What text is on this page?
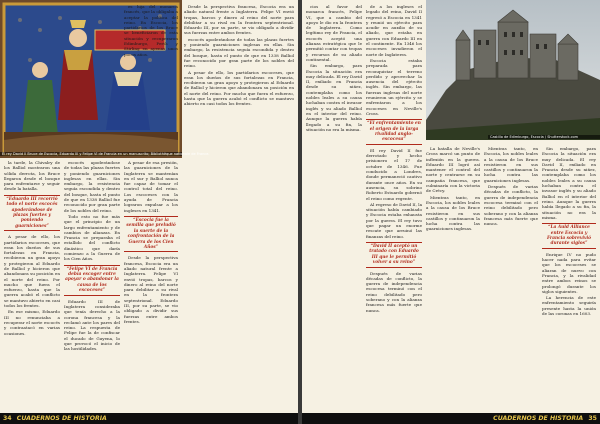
El rey David II Bruce de Escocia, Eduardo III y Felipe VI de Francia en un manuscrito; Bibliothèque nationale de France.

la tarde, la Chivalry de los Balliol mostraron una sólida derrota, los Bruce llegaron desde el bosque para enfrentarse y seguir desde la batalla.

“Eduardo III recorrió todo el norte escocés apoderándose de plazas fuertes y poniendo guarniciones”

A pesar de ello, los partidarios escoceses, que eran los dueños de sus fortalezas en Francia, recibieron un gran apoyo y protegieron al Eduardo de Balliol y hicieron que abandonara su posición en el norte del reino. Por mucho que fuera el esfuerzo, hasta que la guerra acabó el conflicto se mantuvo abierto en casi todos los frentes.

En ese mismo, Eduardo III no renunciaba a recuperar el norte escocés y contraatacó en varias ocasiones.

escocés apoderándose de todas las plazas fuertes y poniendo guarniciones inglesas en ellas. Sin embargo, la resistencia seguía escondida y dentro del bosque, hasta el punto de que en 1338 Balliol fue reconocido por gran parte de los nobles del reino.

Todo esto no fue más que el principio de un largo enfrentamiento y de cambios de alianzas. En Francia se preparaba el estallido del conflicto dinástico que daría comienzo a la Guerra de los Cien Años.

“Felipe VI de Francia debía escoger entre apoyar o abandonar la causa de los escoceses”

Eduardo III de Inglaterra consideraba que tenía derecho a la corona francesa y la reclamó ante los pares del reino. La respuesta de Felipe fue la de confiscar el ducado de Guyena, lo que provocó el inicio de las hostilidades.

es hija del monarca francés, que la obligaba a aceptar la política del reino. En Escocia, los partidarios de los Bruce se beneficiaron de esta situación y recuperaron Edimburgo, Perth y Stirling en apenas unos pocos años.

A pesar de esa presión, las guarniciones de la Inglaterra se mantenían en el sur y Balliol nunca fue capaz de tomar el control total del reino. Los escoceses con la ayuda de Francia lograron expulsar a los ingleses en 1341.

“Escocia fue la semilla que preludió la suerte de la confrontación de la Guerra de los Cien Años”

Desde la perspectiva francesa, Escocia era un aliado natural frente a Inglaterra. Felipe VI envió tropas, barcos y dinero al reino del norte para debilitar a su rival en la frontera septentrional. Eduardo III, por su parte, se vio obligado a dividir sus fuerzas entre ambos frentes.

Desde la perspectiva francesa, Escocia era un aliado natural frente a Inglaterra. Felipe VI envió tropas, barcos y dinero al reino del norte para debilitar a su rival en la frontera septentrional. Eduardo III, por su parte, se vio obligado a dividir sus fuerzas entre ambos frentes.

escocés apoderándose de todas las plazas fuertes y poniendo guarniciones inglesas en ellas. Sin embargo, la resistencia seguía escondida y dentro del bosque, hasta el punto de que en 1338 Balliol fue reconocido por gran parte de los nobles del reino.

A pesar de ello, los partidarios escoceses, que eran los dueños de sus fortalezas en Francia, recibieron un gran apoyo y protegieron al Eduardo de Balliol y hicieron que abandonara su posición en el norte del reino. Por mucho que fuera el esfuerzo, hasta que la guerra acabó el conflicto se mantuvo abierto en casi todos los frentes.

34 CUADERNOS DE HISTORIA

cios al favor del monarca francés, Felipe VI, que a cambio del apoyo le dio en la frontera de Inglaterra. Como legítimo rey de Francia, el escocés aceptó una alianza estratégica que le permitió contar con tropas y recursos de su aliado continental.

Sin embargo, para Escocia la situación era muy delicada. El rey David II, exiliado en Francia desde su niñez, contemplaba como los nobles leales a su causa luchaban contra el invasor inglés y su aliado Balliol en el interior del reino. Aunque la guerra había llegado a su fin, la situación no era la misma.

de a los ingleses el legado del reino, David II regresó a Escocia en 1341 y reunió un ejército para acudir en auxilio de su aliado, que estaba en guerra con Eduardo III en el continente. En 1346 los escoceses invadieron el norte de Inglaterra.

Escocia estaba preparada para reconquistar el terreno perdido y aprovechar la ausencia del ejército inglés. Sin embargo, las fuerzas inglesas del norte reunieron un ejército y se enfrentaron a los escoceses en Neville's Cross.

“El enfrentamiento en el origen de la larga rivalidad anglo-escocesa”

El rey David II fue derrotado y hecho prisionero el 17 de octubre de 1346. Fue conducido a Londres, donde permaneció cautivo durante once años. En su ausencia, su sobrino Roberto Estuardo gobernó el reino como regente.

Al regreso de David II, la situación había cambiado y Escocia estaba exhausta por la guerra. El rey tuvo que pagar un enorme rescate que arruinó las finanzas del reino.

“David II aceptó un tratado con Eduardo III que le permitió volver a su reino”

Después de varias décadas de conflicto, la guerra de independencia escocesa terminó con el reino debilitado pero soberano y con la alianza francesa más fuerte que nunca.

Castillo de Edimburgo, Escocia / Shutterstock.com

La batalla de Neville's Cross marcó un punto de inflexión en la guerra. Eduardo III logró así mantener el control del norte y centrarse en su campaña francesa, que culminaría con la victoria de Crécy.

Mientras tanto, en Escocia, los nobles leales a la causa de los Bruce resistieron en sus castillos y continuaron la lucha contra las guarniciones inglesas.

Mientras tanto, en Escocia, los nobles leales a la causa de los Bruce resistieron en sus castillos y continuaron la lucha contra las guarniciones inglesas.

Después de varias décadas de conflicto, la guerra de independencia escocesa terminó con el reino debilitado pero soberano y con la alianza francesa más fuerte que nunca.

Sin embargo, para Escocia la situación era muy delicada. El rey David II, exiliado en Francia desde su niñez, contemplaba como los nobles leales a su causa luchaban contra el invasor inglés y su aliado Balliol en el interior del reino. Aunque la guerra había llegado a su fin, la situación no era la misma.

“La Auld Alliance entre Escocia y Francia sobrevivió durante siglos”

Enrique IV no pudo hacer nada para evitar que los escoceses se aliaran de nuevo con Francia, y la rivalidad entre ambos reinos se prolongó durante los siglos siguientes.

La herencia de este enfrentamiento seguiría presente hasta la unión de las coronas en 1603.

CUADERNOS DE HISTORIA 35
